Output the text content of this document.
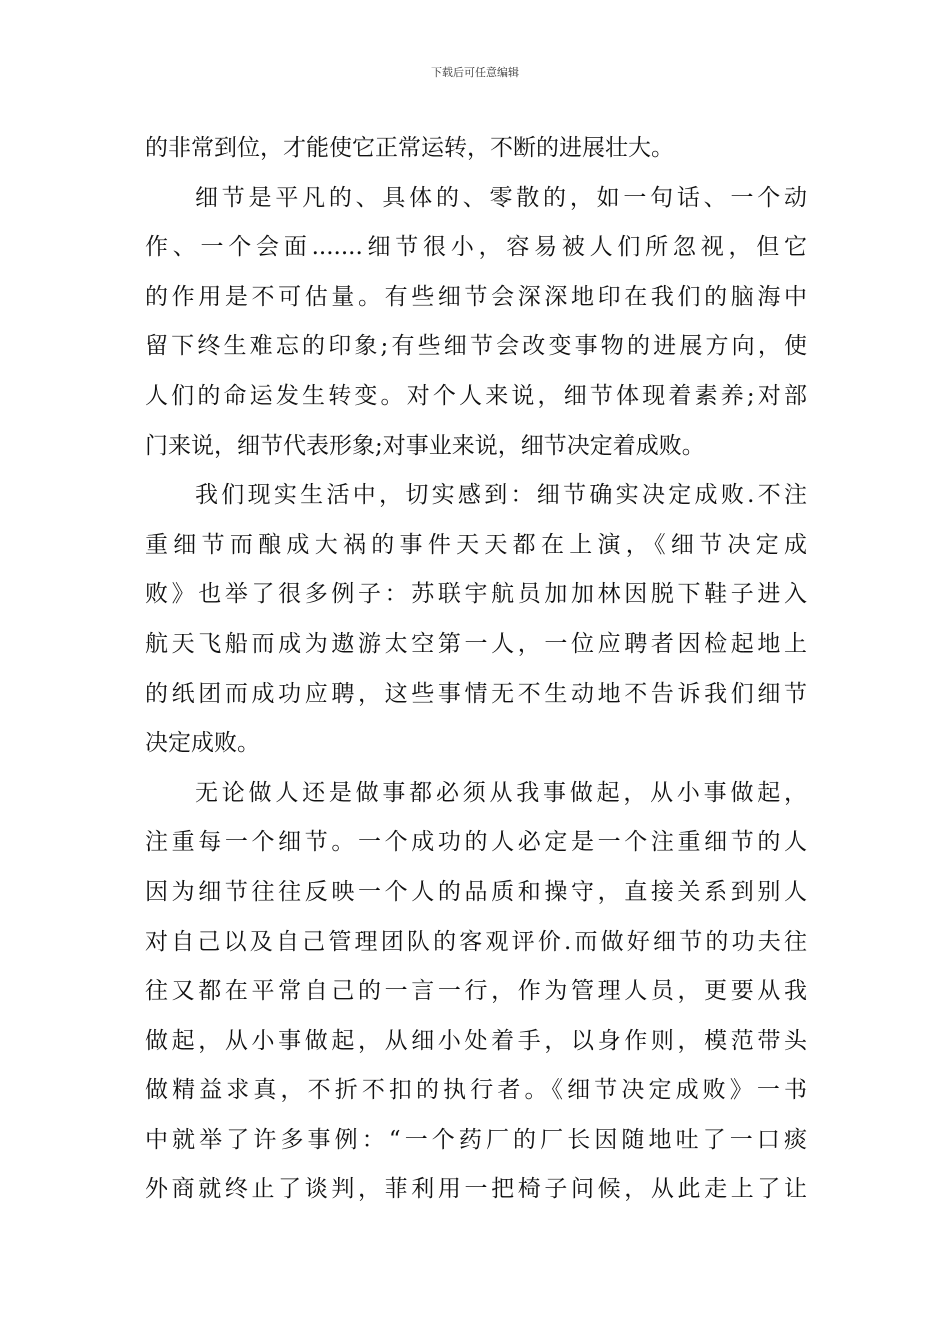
下载后可任意编辑
的非常到位，才能使它正常运转，不断的进展壮大。
细节是平凡的、具体的、零散的，如一句话、一个动
作、一个会面.......细节很小，容易被人们所忽视，但它
的作用是不可估量。有些细节会深深地印在我们的脑海中
留下终生难忘的印象;有些细节会改变事物的进展方向，使
人们的命运发生转变。对个人来说，细节体现着素养;对部
门来说，细节代表形象;对事业来说，细节决定着成败。
我们现实生活中，切实感到：细节确实决定成败.不注
重细节而酿成大祸的事件天天都在上演，《细节决定成
败》也举了很多例子：苏联宇航员加加林因脱下鞋子进入
航天飞船而成为遨游太空第一人，一位应聘者因检起地上
的纸团而成功应聘，这些事情无不生动地不告诉我们细节
决定成败。
无论做人还是做事都必须从我事做起，从小事做起，
注重每一个细节。一个成功的人必定是一个注重细节的人
因为细节往往反映一个人的品质和操守，直接关系到别人
对自己以及自己管理团队的客观评价.而做好细节的功夫往
往又都在平常自己的一言一行，作为管理人员，更要从我
做起，从小事做起，从细小处着手，以身作则，模范带头
做精益求真，不折不扣的执行者。《细节决定成败》一书
中就举了许多事例：“一个药厂的厂长因随地吐了一口痰
外商就终止了谈判，菲利用一把椅子问候，从此走上了让
